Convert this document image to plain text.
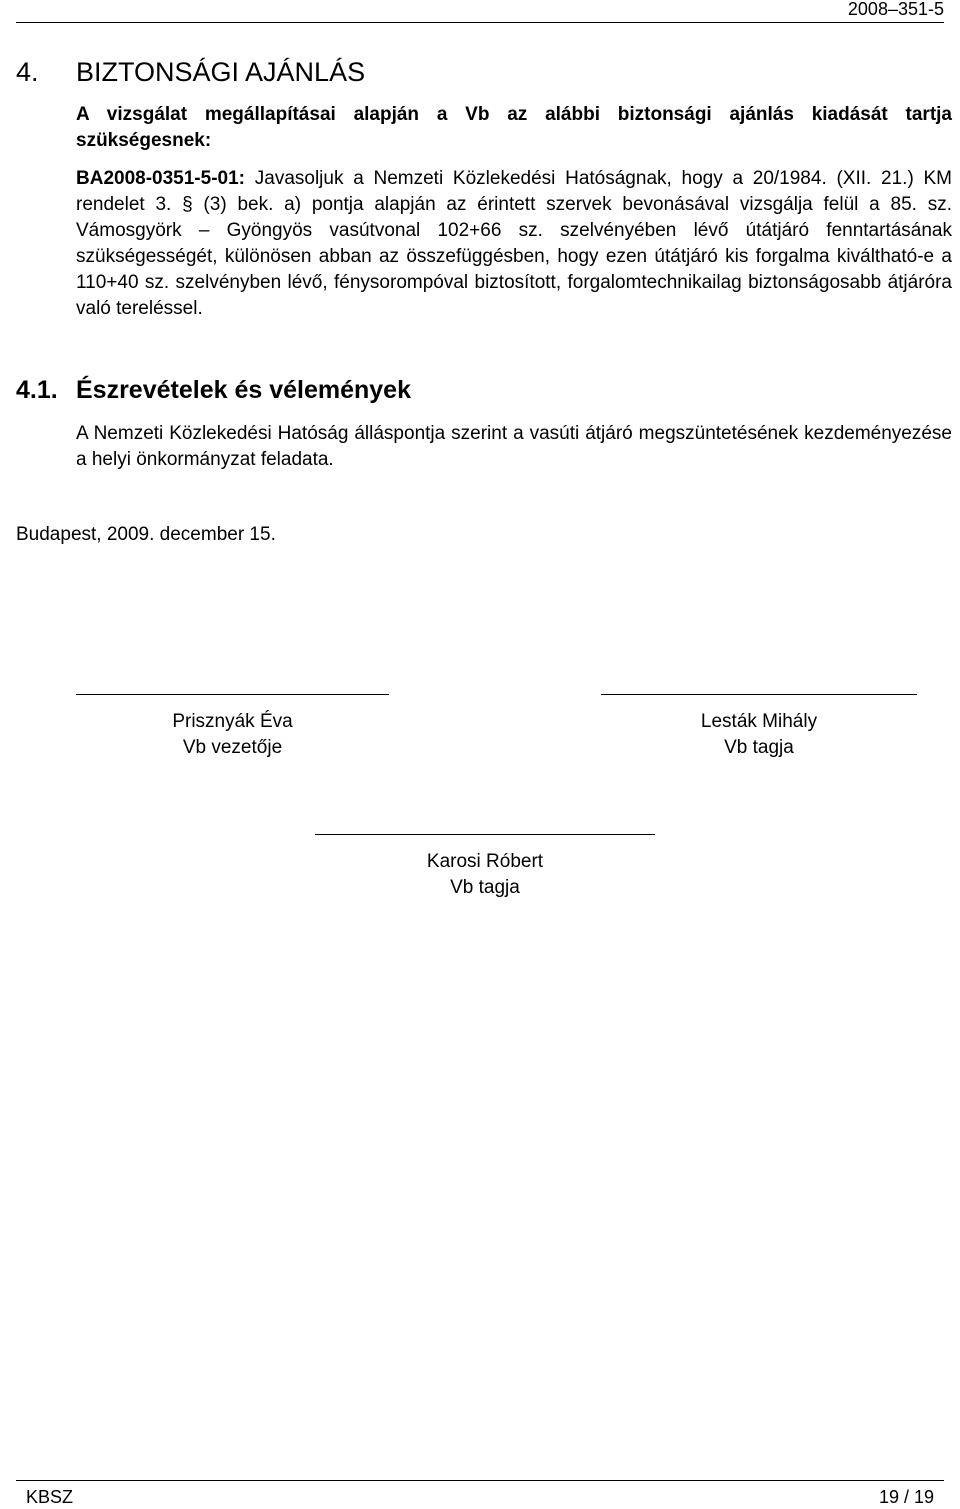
2008–351-5
4. BIZTONSÁGI AJÁNLÁS
A vizsgálat megállapításai alapján a Vb az alábbi biztonsági ajánlás kiadását tartja szükségesnek:
BA2008-0351-5-01: Javasoljuk a Nemzeti Közlekedési Hatóságnak, hogy a 20/1984. (XII. 21.) KM rendelet 3. § (3) bek. a) pontja alapján az érintett szervek bevonásával vizsgálja felül a 85. sz. Vámosgyörk – Gyöngyös vasútvonal 102+66 sz. szelvényében lévő útátjáró fenntartásának szükségességét, különösen abban az összefüggésben, hogy ezen útátjáró kis forgalma kiváltható-e a 110+40 sz. szelvényben lévő, fénysorompóval biztosított, forgalomtechnikailag biztonságosabb átjáróra való tereléssel.
4.1. Észrevételek és vélemények
A Nemzeti Közlekedési Hatóság álláspontja szerint a vasúti átjáró megszüntetésének kezdeményezése a helyi önkormányzat feladata.
Budapest, 2009. december 15.
Prisznyák Éva
Vb vezetője
Lesták Mihály
Vb tagja
Karosi Róbert
Vb tagja
KBSZ	19 / 19
